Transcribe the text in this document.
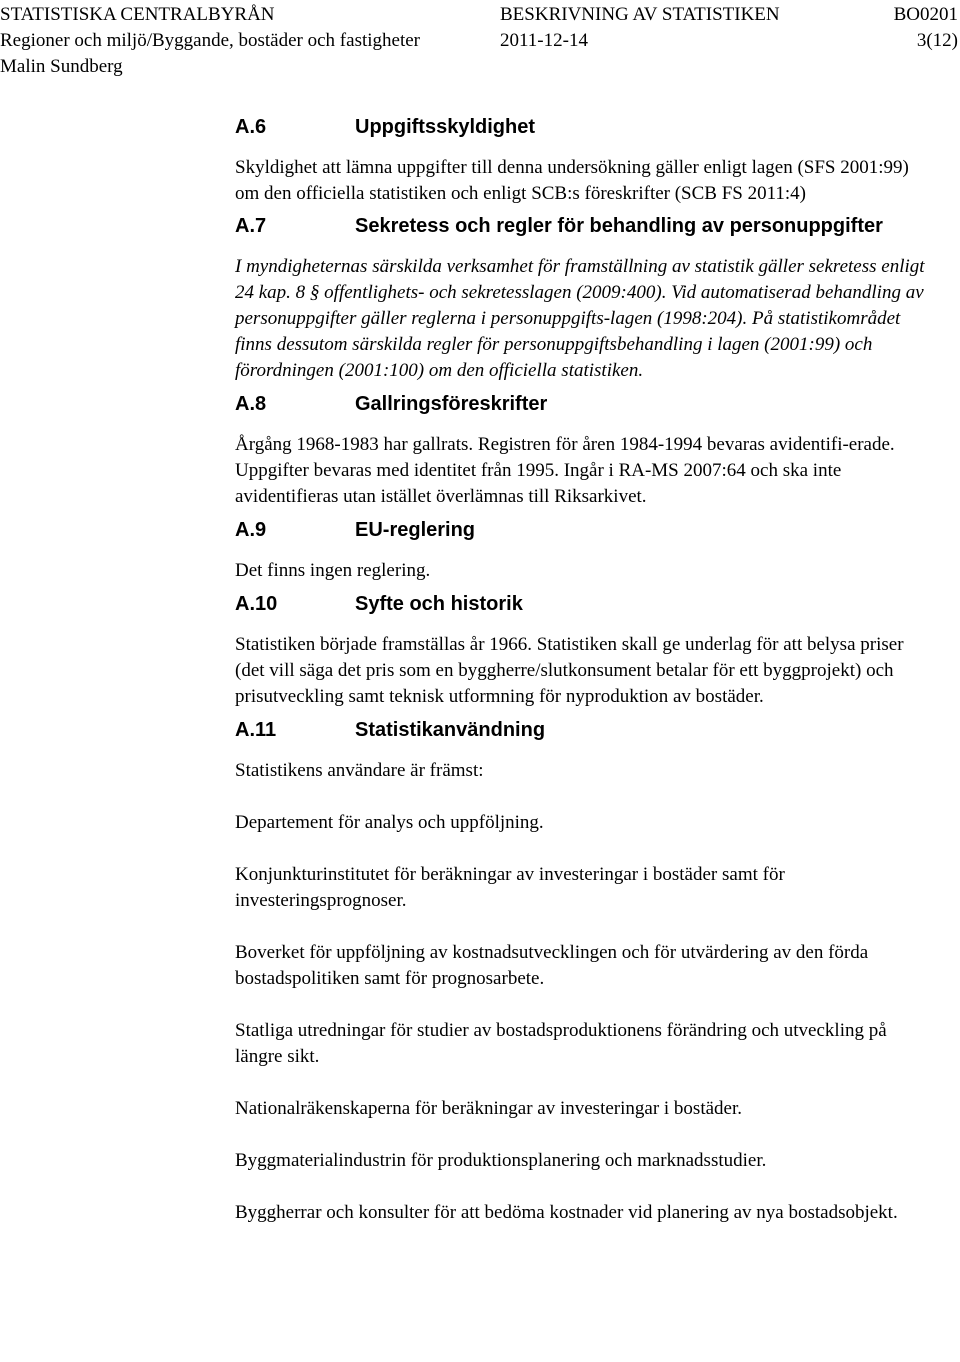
STATISTISKA CENTRALBYRÅN	BESKRIVNING AV STATISTIKEN	BO0201
Regioner och miljö/Byggande, bostäder och fastigheter	2011-12-14	3(12)
Malin Sundberg
A.6	Uppgiftsskyldighet

Skyldighet att lämna uppgifter till denna undersökning gäller enligt lagen (SFS 2001:99) om den officiella statistiken och enligt SCB:s föreskrifter (SCB FS 2011:4)

A.7	Sekretess och regler för behandling av personuppgifter

I myndigheternas särskilda verksamhet för framställning av statistik gäller sekretess enligt 24 kap. 8 § offentlighets- och sekretesslagen (2009:400). Vid automatiserad behandling av personuppgifter gäller reglerna i personuppgifts-lagen (1998:204). På statistikområdet finns dessutom särskilda regler för personuppgiftsbehandling i lagen (2001:99) och förordningen (2001:100) om den officiella statistiken.

A.8	Gallringsföreskrifter

Årgång 1968-1983 har gallrats. Registren för åren 1984-1994 bevaras avidentifi-erade. Uppgifter bevaras med identitet från 1995. Ingår i RA-MS 2007:64 och ska inte avidentifieras utan istället överlämnas till Riksarkivet.

A.9	EU-reglering

Det finns ingen reglering.

A.10	Syfte och historik

Statistiken började framställas år 1966. Statistiken skall ge underlag för att belysa priser (det vill säga det pris som en byggherre/slutkonsument betalar för ett byggprojekt) och prisutveckling samt teknisk utformning för nyproduktion av bostäder.

A.11	Statistikanvändning

Statistikens användare är främst:

Departement för analys och uppföljning.

Konjunkturinstitutet för beräkningar av investeringar i bostäder samt för investeringsprognoser.

Boverket för uppföljning av kostnadsutvecklingen och för utvärdering av den förda bostadspolitiken samt för prognosarbete.

Statliga utredningar för studier av bostadsproduktionens förändring och utveckling på längre sikt.

Nationalräkenskaperna för beräkningar av investeringar i bostäder.

Byggmaterialindustrin för produktionsplanering och marknadsstudier.

Byggherrar och konsulter för att bedöma kostnader vid planering av nya bostadsobjekt.
